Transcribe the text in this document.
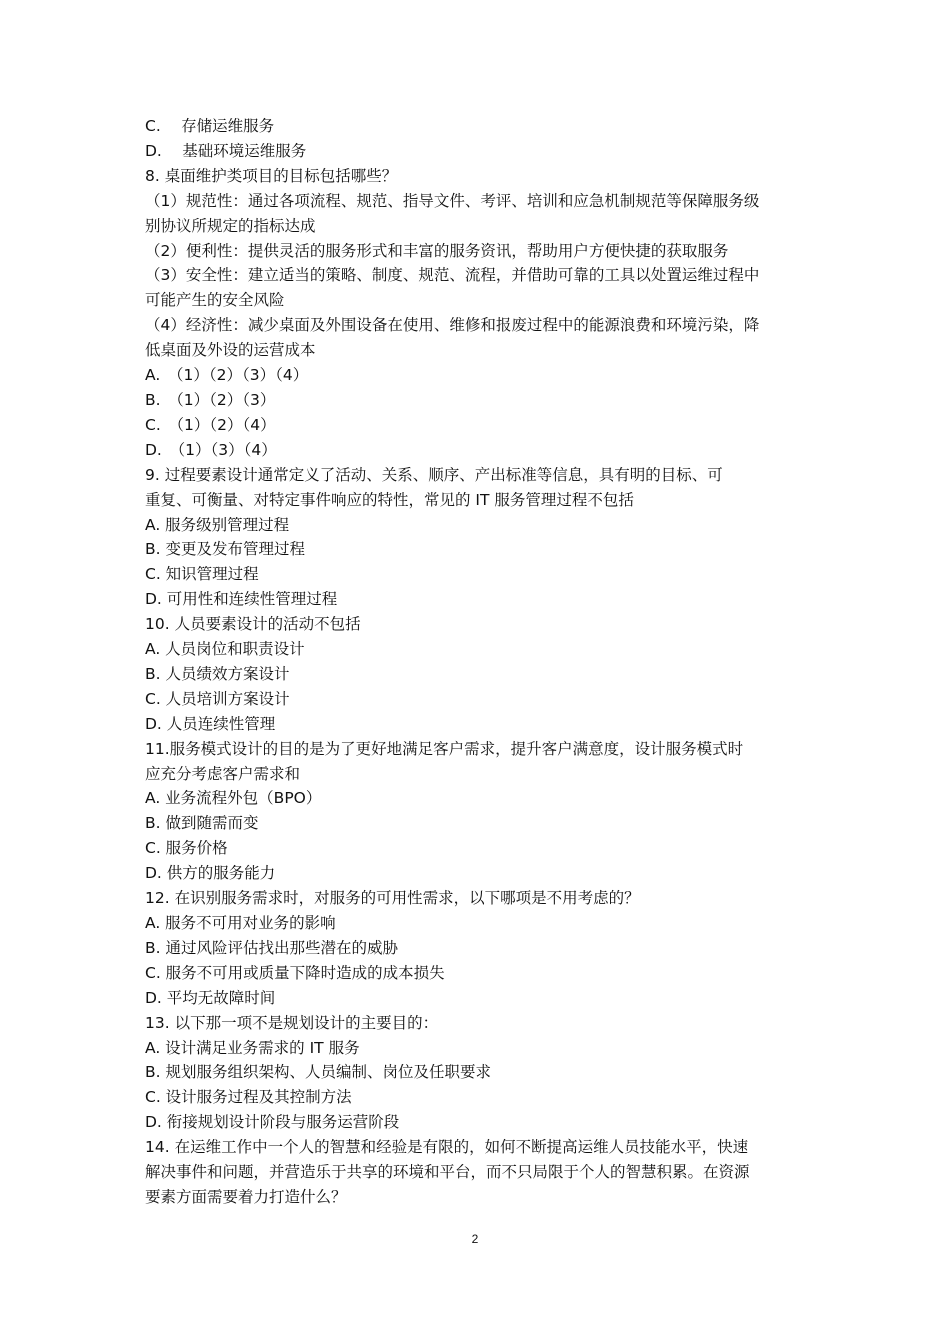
C.　 存储运维服务
D.　 基础环境运维服务
8. 桌面维护类项目的目标包括哪些？
（1）规范性：通过各项流程、规范、指导文件、考评、培训和应急机制规范等保障服务级
别协议所规定的指标达成
（2）便利性：提供灵活的服务形式和丰富的服务资讯，帮助用户方便快捷的获取服务
（3）安全性：建立适当的策略、制度、规范、流程，并借助可靠的工具以处置运维过程中
可能产生的安全风险
（4）经济性：减少桌面及外围设备在使用、维修和报废过程中的能源浪费和环境污染，降
低桌面及外设的运营成本
A.　（1）（2）（3）（4）
B.　（1）（2）（3）
C.　（1）（2）（4）
D.　（1）（3）（4）
9. 过程要素设计通常定义了活动、关系、顺序、产出标准等信息，具有明的目标、可
重复、可衡量、对特定事件响应的特性，常见的 IT 服务管理过程不包括
A. 服务级别管理过程
B. 变更及发布管理过程
C. 知识管理过程
D. 可用性和连续性管理过程
10. 人员要素设计的活动不包括
A. 人员岗位和职责设计
B. 人员绩效方案设计
C. 人员培训方案设计
D. 人员连续性管理
11.服务模式设计的目的是为了更好地满足客户需求，提升客户满意度，设计服务模式时
应充分考虑客户需求和
A. 业务流程外包（BPO）
B. 做到随需而变
C. 服务价格
D. 供方的服务能力
12. 在识别服务需求时，对服务的可用性需求，以下哪项是不用考虑的？
A. 服务不可用对业务的影响
B. 通过风险评估找出那些潜在的威胁
C. 服务不可用或质量下降时造成的成本损失
D. 平均无故障时间
13. 以下那一项不是规划设计的主要目的：
A. 设计满足业务需求的 IT 服务
B. 规划服务组织架构、人员编制、岗位及任职要求
C. 设计服务过程及其控制方法
D. 衔接规划设计阶段与服务运营阶段
14. 在运维工作中一个人的智慧和经验是有限的，如何不断提高运维人员技能水平，快速
解决事件和问题，并营造乐于共享的环境和平台，而不只局限于个人的智慧积累。在资源
要素方面需要着力打造什么？
2
